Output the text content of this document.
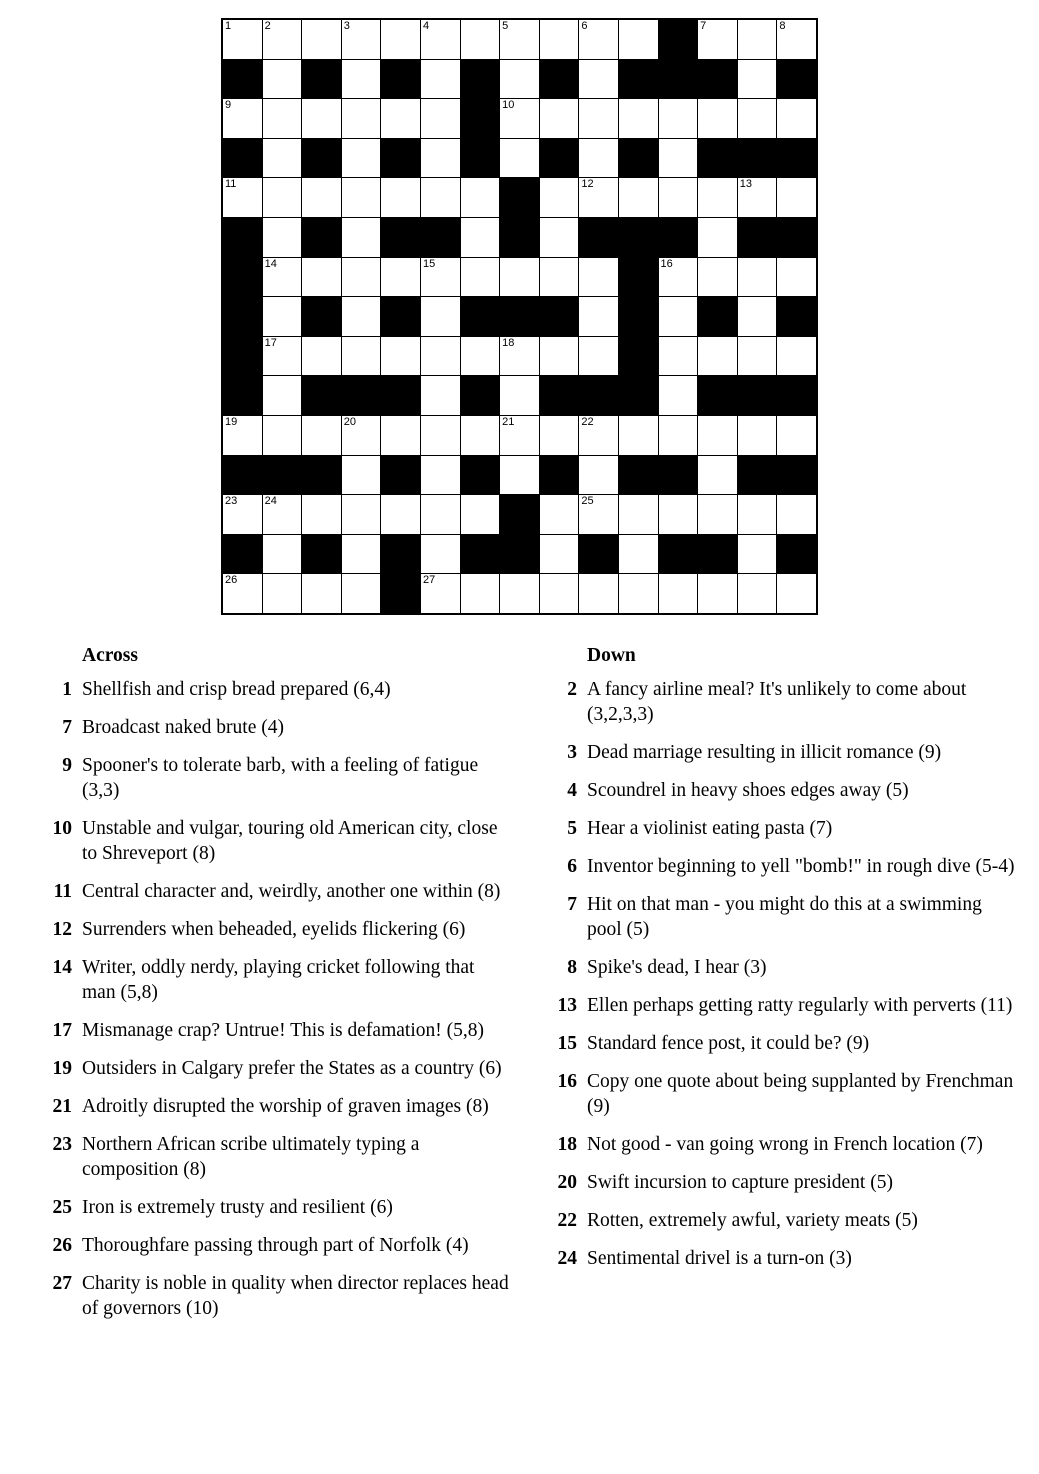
1	2		3		4		5		6			7		8

9							10							

11									12				13	

	14				15						16			

	17						18							

19			20				21		22					

23	24								25					

26					27									

Across
1 Shellfish and crisp bread prepared (6,4)
7 Broadcast naked brute (4)
9 Spooner's to tolerate barb, with a feeling of fatigue (3,3)
10 Unstable and vulgar, touring old American city, close to Shreveport (8)
11 Central character and, weirdly, another one within (8)
12 Surrenders when beheaded, eyelids flickering (6)
14 Writer, oddly nerdy, playing cricket following that man (5,8)
17 Mismanage crap? Untrue! This is defamation! (5,8)
19 Outsiders in Calgary prefer the States as a country (6)
21 Adroitly disrupted the worship of graven images (8)
23 Northern African scribe ultimately typing a composition (8)
25 Iron is extremely trusty and resilient (6)
26 Thoroughfare passing through part of Norfolk (4)
27 Charity is noble in quality when director replaces head of governors (10)
Down
2 A fancy airline meal? It's unlikely to come about (3,2,3,3)
3 Dead marriage resulting in illicit romance (9)
4 Scoundrel in heavy shoes edges away (5)
5 Hear a violinist eating pasta (7)
6 Inventor beginning to yell "bomb!" in rough dive (5-4)
7 Hit on that man - you might do this at a swimming pool (5)
8 Spike's dead, I hear (3)
13 Ellen perhaps getting ratty regularly with perverts (11)
15 Standard fence post, it could be? (9)
16 Copy one quote about being supplanted by Frenchman (9)
18 Not good - van going wrong in French location (7)
20 Swift incursion to capture president (5)
22 Rotten, extremely awful, variety meats (5)
24 Sentimental drivel is a turn-on (3)
